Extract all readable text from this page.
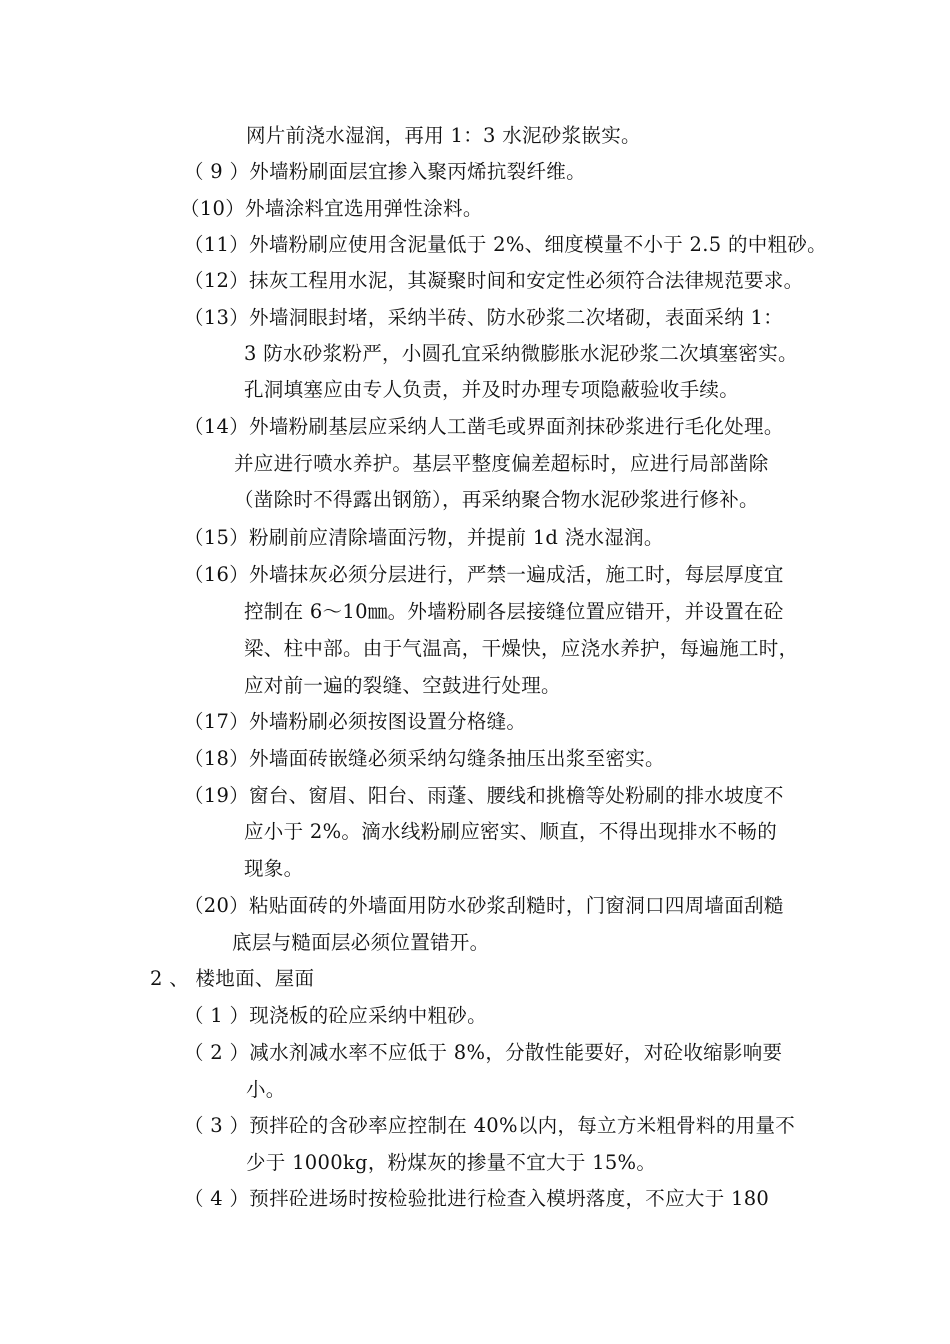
网片前浇水湿润，再用 1：3 水泥砂浆嵌实。
（ 9 ）外墙粉刷面层宜掺入聚丙烯抗裂纤维。
（10）外墙涂料宜选用弹性涂料。
（11）外墙粉刷应使用含泥量低于 2%、细度模量不小于 2.5 的中粗砂。
（12）抹灰工程用水泥，其凝聚时间和安定性必须符合法律规范要求。
（13）外墙洞眼封堵，采纳半砖、防水砂浆二次堵砌，表面采纳 1：
3 防水砂浆粉严，小圆孔宜采纳微膨胀水泥砂浆二次填塞密实。
孔洞填塞应由专人负责，并及时办理专项隐蔽验收手续。
（14）外墙粉刷基层应采纳人工凿毛或界面剂抹砂浆进行毛化处理。
并应进行喷水养护。基层平整度偏差超标时，应进行局部凿除
（凿除时不得露出钢筋），再采纳聚合物水泥砂浆进行修补。
（15）粉刷前应清除墙面污物，并提前 1d 浇水湿润。
（16）外墙抹灰必须分层进行，严禁一遍成活，施工时，每层厚度宜
控制在 6～10㎜。外墙粉刷各层接缝位置应错开，并设置在砼
梁、柱中部。由于气温高，干燥快，应浇水养护，每遍施工时，
应对前一遍的裂缝、空鼓进行处理。
（17）外墙粉刷必须按图设置分格缝。
（18）外墙面砖嵌缝必须采纳勾缝条抽压出浆至密实。
（19）窗台、窗眉、阳台、雨蓬、腰线和挑檐等处粉刷的排水坡度不
应小于 2%。滴水线粉刷应密实、顺直，不得出现排水不畅的
现象。
（20）粘贴面砖的外墙面用防水砂浆刮糙时，门窗洞口四周墙面刮糙
底层与糙面层必须位置错开。
2 、 楼地面、屋面
（ 1 ）现浇板的砼应采纳中粗砂。
（ 2 ）减水剂减水率不应低于 8%，分散性能要好，对砼收缩影响要
小。
（ 3 ）预拌砼的含砂率应控制在 40%以内，每立方米粗骨料的用量不
少于 1000kg，粉煤灰的掺量不宜大于 15%。
（ 4 ）预拌砼进场时按检验批进行检查入模坍落度，不应大于 180
